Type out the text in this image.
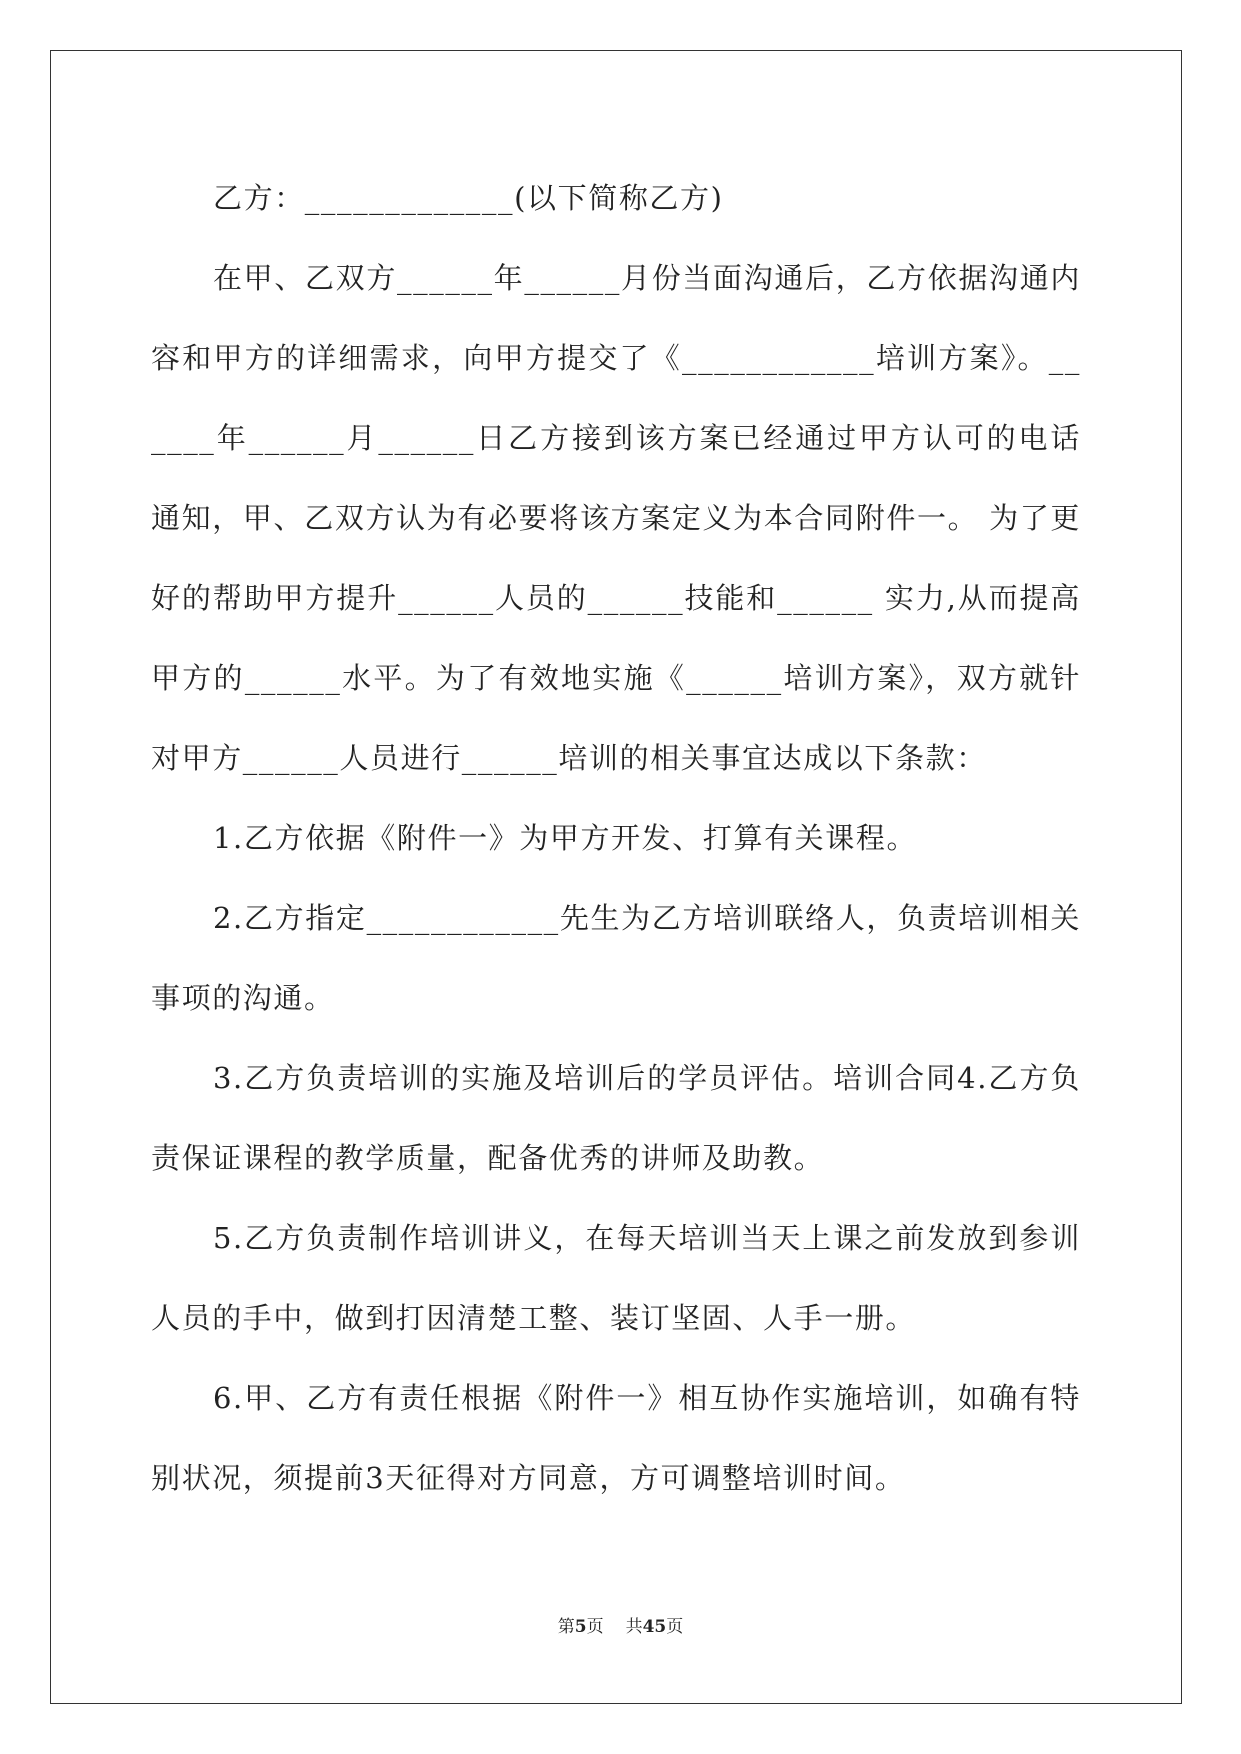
乙方：_____________(以下简称乙方)

在甲、乙双方______年______月份当面沟通后，乙方依据沟通内容和甲方的详细需求，向甲方提交了《____________培训方案》。______年______月______日乙方接到该方案已经通过甲方认可的电话通知，甲、乙双方认为有必要将该方案定义为本合同附件一。 为了更好的帮助甲方提升______人员的______技能和______ 实力,从而提高甲方的______水平。为了有效地实施《______培训方案》，双方就针对甲方______人员进行______培训的相关事宜达成以下条款：

1.乙方依据《附件一》为甲方开发、打算有关课程。

2.乙方指定____________先生为乙方培训联络人，负责培训相关事项的沟通。

3.乙方负责培训的实施及培训后的学员评估。培训合同4.乙方负责保证课程的教学质量，配备优秀的讲师及助教。

5.乙方负责制作培训讲义，在每天培训当天上课之前发放到参训人员的手中，做到打因清楚工整、装订坚固、人手一册。

6.甲、乙方有责任根据《附件一》相互协作实施培训，如确有特别状况，须提前3天征得对方同意，方可调整培训时间。

第5页 共45页
